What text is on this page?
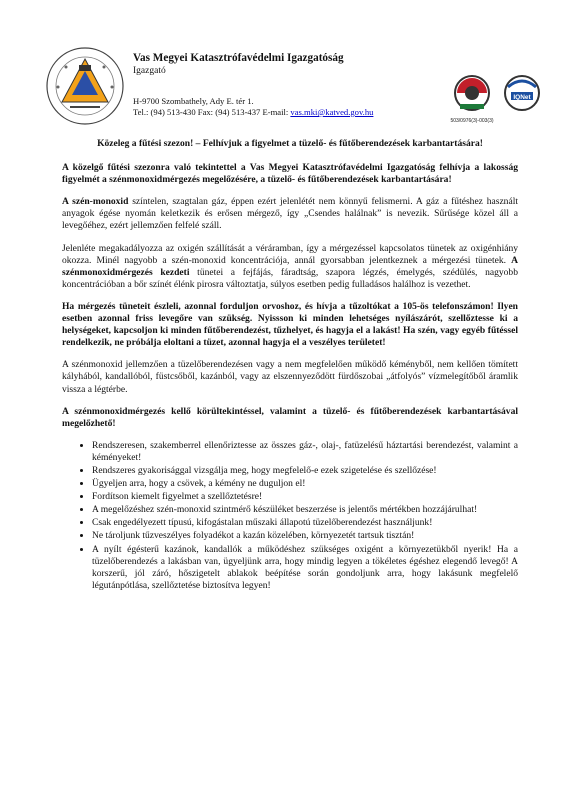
Vas Megyei Katasztrófavédelmi Igazgatóság
Igazgató
H-9700 Szombathely, Ady E. tér 1.
Tel.: (94) 513-430 Fax: (94) 513-437 E-mail: vas.mki@katved.gov.hu
503/0976(3)-003(3)
IQNet

Közeleg a fűtési szezon! – Felhívjuk a figyelmet a tüzelő- és fűtőberendezések karbantartására!

A közelgő fűtési szezonra való tekintettel a Vas Megyei Katasztrófavédelmi Igazgatóság felhívja a lakosság figyelmét a szénmonoxidmérgezés megelőzésére, a tüzelő- és fűtőberendezések karbantartására!

A szén-monoxid színtelen, szagtalan gáz, éppen ezért jelenlétét nem könnyű felismerni. A gáz a fűtéshez használt anyagok égése nyomán keletkezik és erősen mérgező, így „Csendes halálnak” is nevezik. Sűrűsége közel áll a levegőéhez, ezért jellemzően felfelé száll.

Jelenléte megakadályozza az oxigén szállítását a véráramban, így a mérgezéssel kapcsolatos tünetek az oxigénhiány okozza. Minél nagyobb a szén-monoxid koncentrációja, annál gyorsabban jelentkeznek a mérgezési tünetek. A szénmonoxidmérgezés kezdeti tünetei a fejfájás, fáradtság, szapora légzés, émelygés, szédülés, nagyobb koncentrációban a bőr színét élénk pirosra változtatja, súlyos esetben pedig fulladásos halálhoz is vezethet.

Ha mérgezés tüneteit észleli, azonnal forduljon orvoshoz, és hívja a tűzoltókat a 105-ös telefonszámon! Ilyen esetben azonnal friss levegőre van szükség. Nyissson ki minden lehetséges nyílászárót, szellőztesse ki a helységeket, kapcsoljon ki minden fűtőberendezést, tűzhelyet, és hagyja el a lakást! Ha szén, vagy egyéb fűtéssel rendelkezik, ne próbálja eloltani a tüzet, azonnal hagyja el a veszélyes területet!

A szénmonoxid jellemzően a tüzelőberendezésen vagy a nem megfelelően működő kéményből, nem kellően tömített kályhából, kandallóból, füstcsőből, kazánból, vagy az elszennyeződött fürdőszobai „átfolyós” vízmelegítőből áramlik vissza a légtérbe.

A szénmonoxidmérgezés kellő körültekintéssel, valamint a tüzelő- és fűtőberendezések karbantartásával megelőzhető!

• Rendszeresen, szakemberrel ellenőriztesse az összes gáz-, olaj-, fatüzelésű háztartási berendezést, valamint a kéményeket!
• Rendszeres gyakorisággal vizsgálja meg, hogy megfelelő-e ezek szigetelése és szellőzése!
• Ügyeljen arra, hogy a csövek, a kémény ne duguljon el!
• Fordítson kiemelt figyelmet a szellőztetésre!
• A megelőzéshez szén-monoxid szintmérő készüléket beszerzése is jelentős mértékben hozzájárulhat!
• Csak engedélyezett típusú, kifogástalan műszaki állapotú tüzelőberendezést használjunk!
• Ne tároljunk tűzveszélyes folyadékot a kazán közelében, környezetét tartsuk tisztán!
• A nyílt égésterű kazánok, kandallók a működéshez szükséges oxigént a környezetükből nyerik! Ha a tüzelőberendezés a lakásban van, ügyeljünk arra, hogy mindig legyen a tökéletes égéshez elegendő levegő! A korszerű, jól záró, hőszigetelt ablakok beépítése során gondoljunk arra, hogy lakásunk megfelelő légutánpótlása, szellőztetése biztosítva legyen!
